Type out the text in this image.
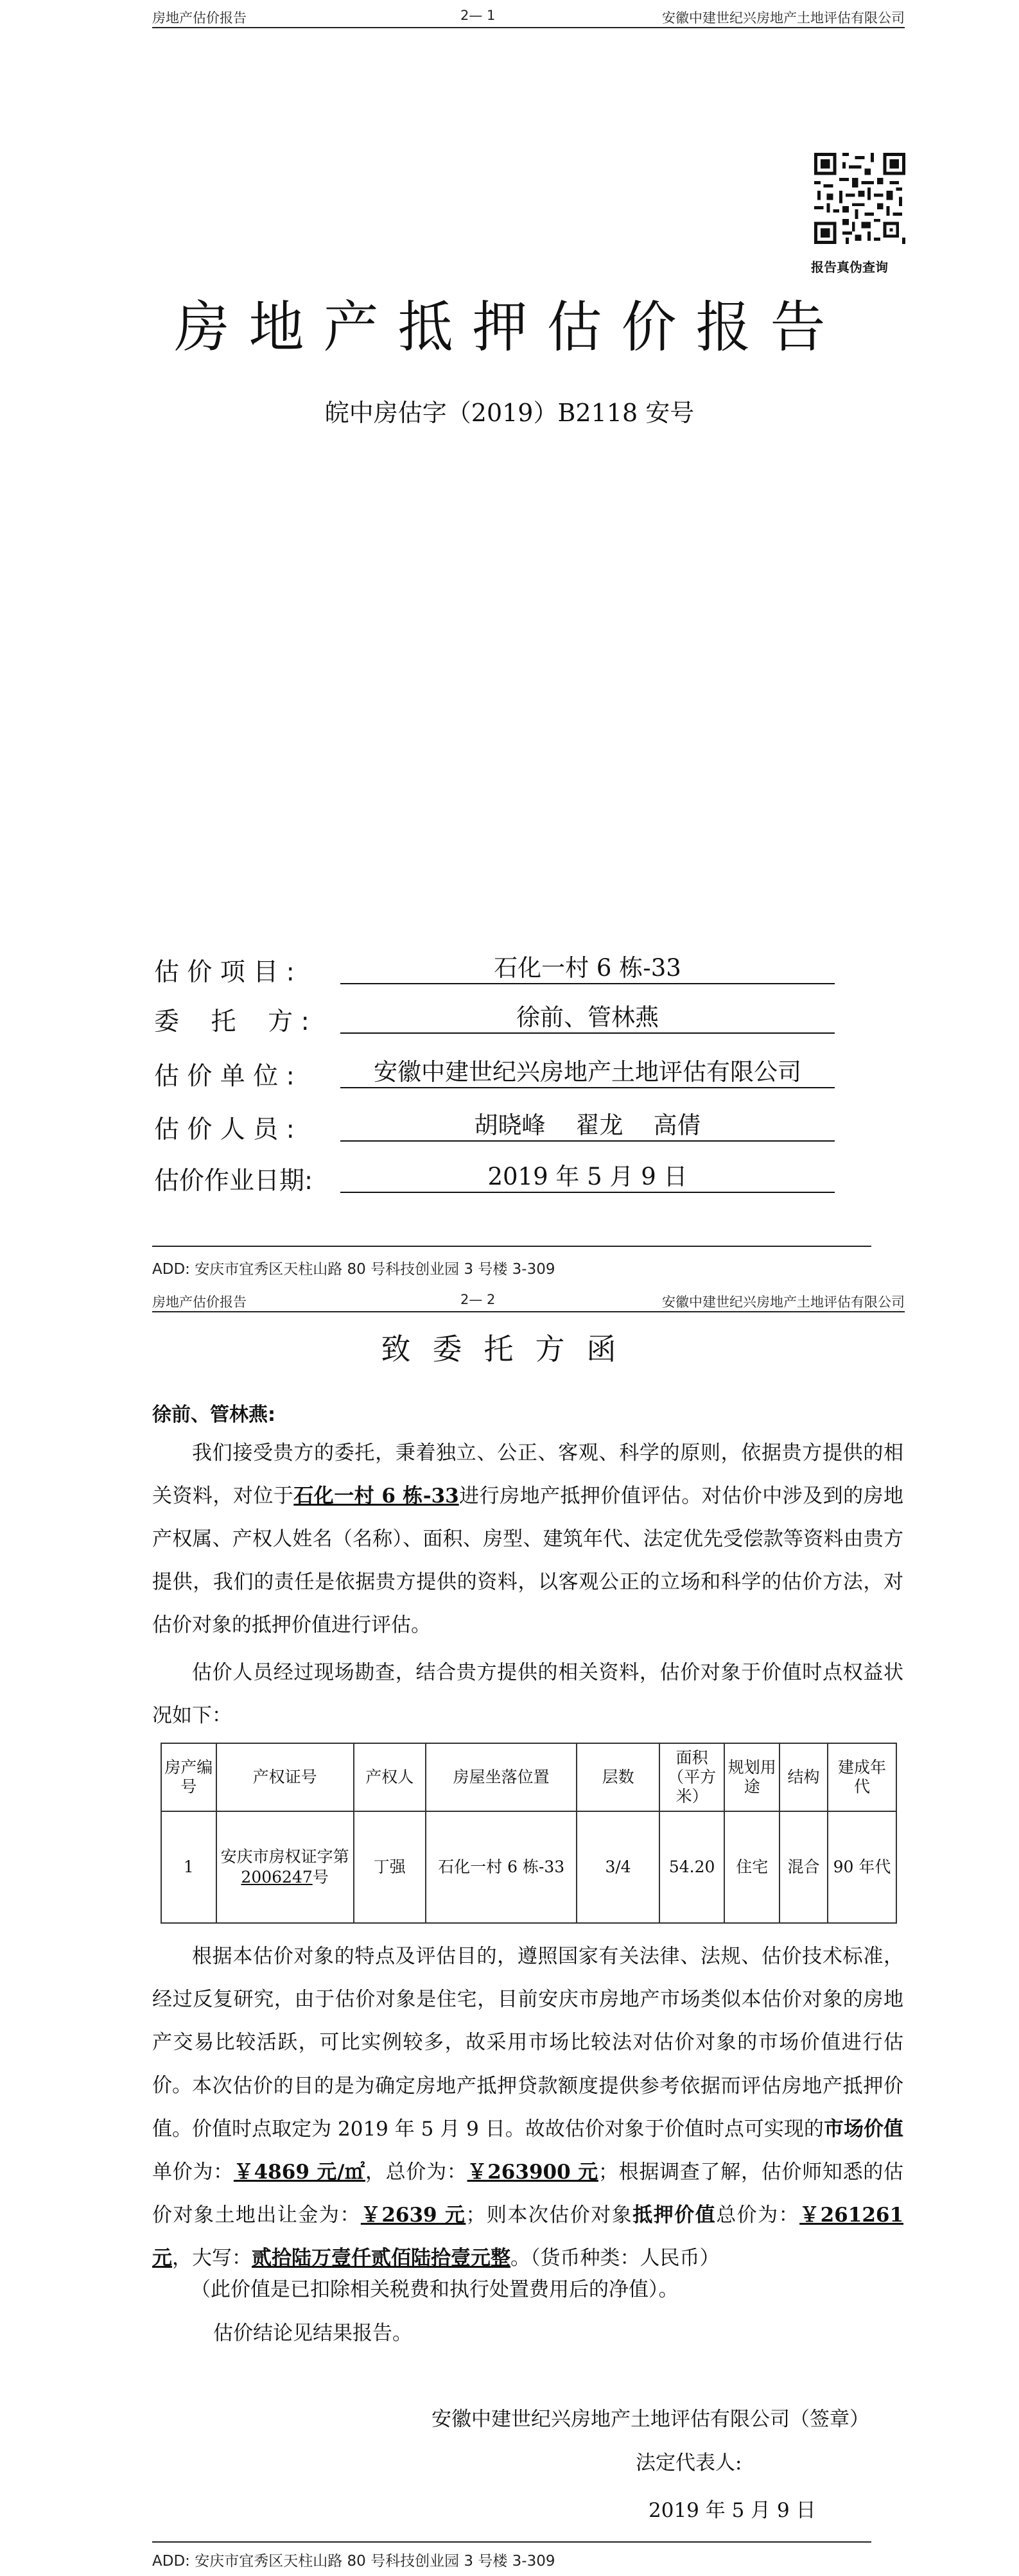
房地产估价报告	2— 1	安徽中建世纪兴房地产土地评估有限公司
报告真伪查询
房地产抵押估价报告
皖中房估字（2019）B2118 安号
估 价 项 目 :	石化一村 6 栋-33
委    托    方 :	徐前、管林燕
估 价 单 位 :	安徽中建世纪兴房地产土地评估有限公司
估 价 人 员 :	胡晓峰    翟龙    高倩
估价作业日期:	2019 年 5 月 9 日
ADD: 安庆市宜秀区天柱山路 80 号科技创业园 3 号楼 3-309
房地产估价报告	2— 2	安徽中建世纪兴房地产土地评估有限公司
致委托方函
徐前、管林燕:
我们接受贵方的委托，秉着独立、公正、客观、科学的原则，依据贵方提供的相关资料，对位于石化一村 6 栋-33进行房地产抵押价值评估。对估价中涉及到的房地产权属、产权人姓名（名称）、面积、房型、建筑年代、法定优先受偿款等资料由贵方提供，我们的责任是依据贵方提供的资料，以客观公正的立场和科学的估价方法，对估价对象的抵押价值进行评估。
估价人员经过现场勘查，结合贵方提供的相关资料，估价对象于价值时点权益状况如下：
房产编号	产权证号	产权人	房屋坐落位置	层数	面积（平方米）	规划用途	结构	建成年代
1	安庆市房权证字第2006247号	丁强	石化一村 6 栋-33	3/4	54.20	住宅	混合	90 年代
根据本估价对象的特点及评估目的，遵照国家有关法律、法规、估价技术标准，经过反复研究，由于估价对象是住宅，目前安庆市房地产市场类似本估价对象的房地产交易比较活跃，可比实例较多，故采用市场比较法对估价对象的市场价值进行估价。 本次估价的目的是为确定房地产抵押贷款额度提供参考依据而评估房地产抵押价值。价值时点取定为 2019 年 5 月 9 日。故故估价对象于价值时点可实现的市场价值单价为：￥4869 元/㎡，总价为：￥263900 元；根据调查了解，估价师知悉的估价对象土地出让金为：￥2639 元；则本次估价对象抵押价值总价为：￥261261 元，大写：贰拾陆万壹仟贰佰陆拾壹元整。（货币种类：人民币）
（此价值是已扣除相关税费和执行处置费用后的净值）。
估价结论见结果报告。
安徽中建世纪兴房地产土地评估有限公司（签章）
法定代表人:
2019 年 5 月 9 日
ADD: 安庆市宜秀区天柱山路 80 号科技创业园 3 号楼 3-309
